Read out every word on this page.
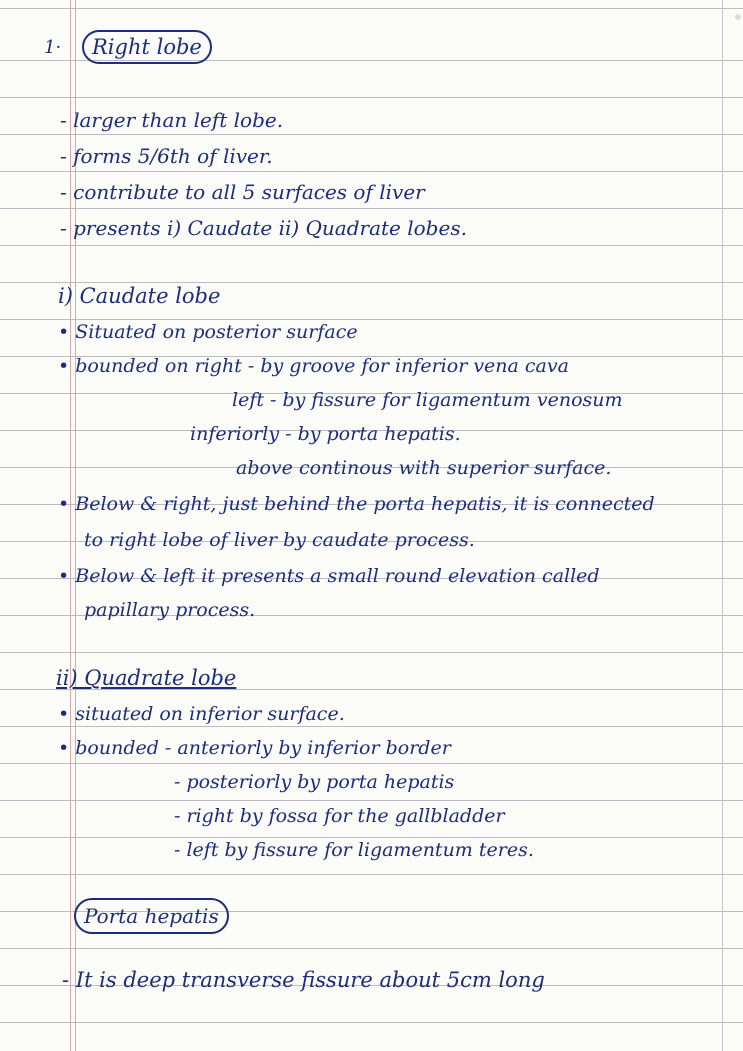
1·	Right lobe
- larger than left lobe.
- forms 5/6th of liver.
- contribute to all 5 surfaces of liver
- presents i) Caudate ii) Quadrate lobes.
i) Caudate lobe
• Situated on posterior surface
• bounded on right - by groove for inferior vena cava
left - by fissure for ligamentum venosum
inferiorly - by porta hepatis.
above continous with superior surface.
• Below & right, just behind the porta hepatis, it is connected
to right lobe of liver by caudate process.
• Below & left it presents a small round elevation called
papillary process.
ii) Quadrate lobe
• situated on inferior surface.
• bounded - anteriorly by inferior border
- posteriorly by porta hepatis
- right by fossa for the gallbladder
- left by fissure for ligamentum teres.
Porta hepatis
- It is deep transverse fissure about 5cm long
